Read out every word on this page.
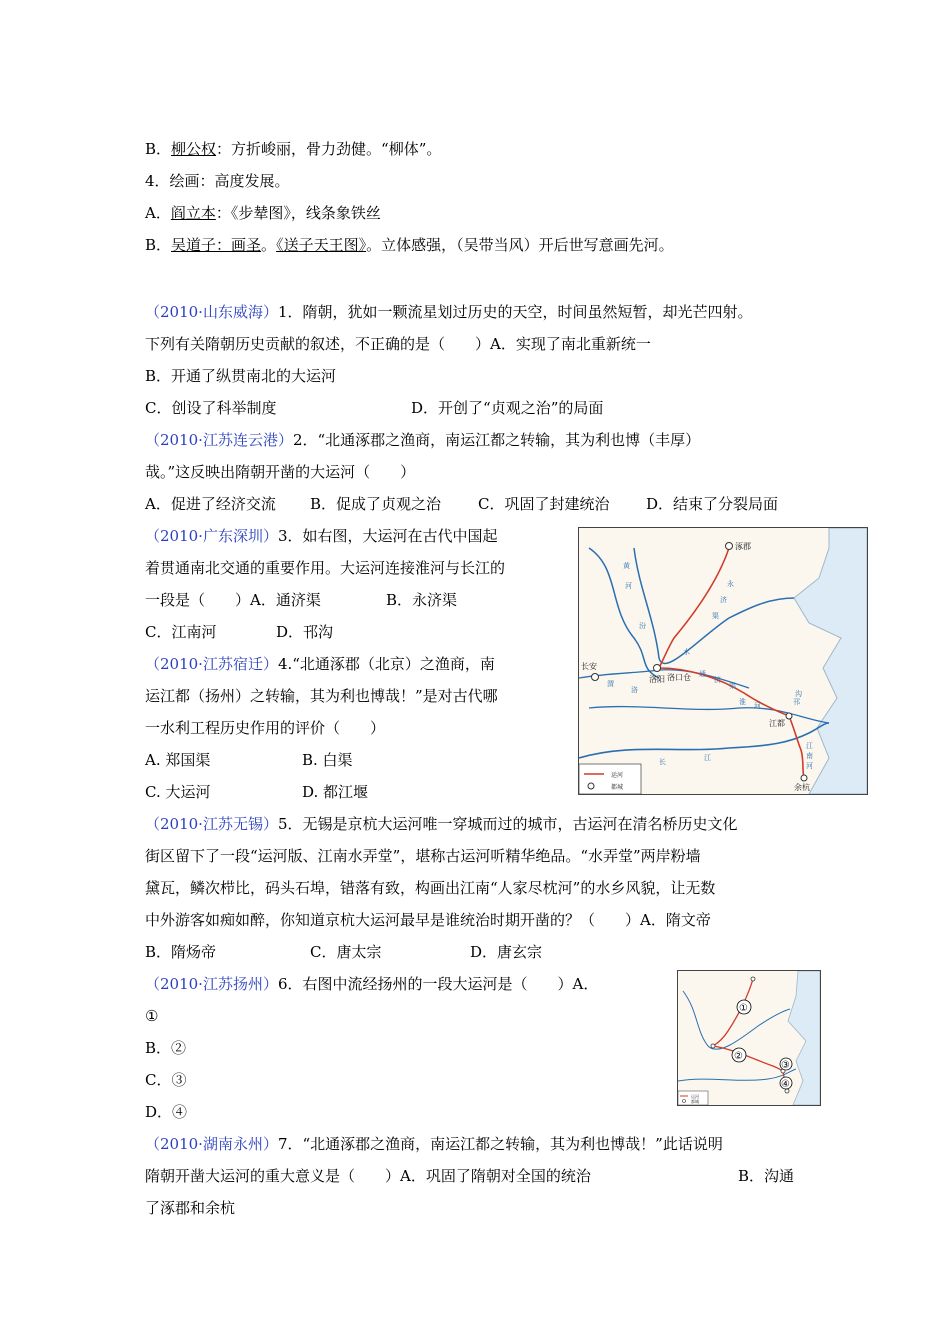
B．柳公权：方折峻丽，骨力劲健。“柳体”。
4．绘画：高度发展。
A．阎立本：《步辇图》，线条象铁丝
B．吴道子：画圣。《送子天王图》。立体感强，（吴带当风）开后世写意画先河。
（2010·山东威海）1．隋朝，犹如一颗流星划过历史的天空，时间虽然短暂，却光芒四射。
下列有关隋朝历史贡献的叙述，不正确的是（　　）A．实现了南北重新统一
B．开通了纵贯南北的大运河
C．创设了科举制度	D．开创了“贞观之治”的局面
（2010·江苏连云港）2．“北通涿郡之渔商，南运江都之转输，其为利也博（丰厚）
哉。”这反映出隋朝开凿的大运河（　　）
A．促进了经济交流 B．促成了贞观之治 C．巩固了封建统治 D．结束了分裂局面
（2010·广东深圳）3．如右图，大运河在古代中国起
着贯通南北交通的重要作用。大运河连接淮河与长江的
一段是（　　）A．通济渠	B．永济渠
C．江南河	D．邗沟
（2010·江苏宿迁）4.“北通涿郡（北京）之渔商，南
运江都（扬州）之转输，其为利也博哉！”是对古代哪
一水利工程历史作用的评价（　　）
A. 郑国渠	B. 白渠
C. 大运河	D. 都江堰
涿郡
长安
洛阳 洛口仓
江都
余杭
黄
河	永
济
渠
通
济
渠
淮 河	邗
沟
长	江
江
南
河
汾
渭
水
洛
运河
都城
（2010·江苏无锡）5．无锡是京杭大运河唯一穿城而过的城市，古运河在清名桥历史文化
街区留下了一段“运河版、江南水弄堂”，堪称古运河听精华绝品。“水弄堂”两岸粉墙
黛瓦，鳞次栉比，码头石埠，错落有致，构画出江南“人家尽枕河”的水乡风貌，让无数
中外游客如痴如醉，你知道京杭大运河最早是谁统治时期开凿的？（　　）A．隋文帝
B．隋炀帝	C．唐太宗	D．唐玄宗
（2010·江苏扬州）6．右图中流经扬州的一段大运河是（　　）A．
①
B．②
C．③
D．④
①
②
③
④
运河
都城
（2010·湖南永州）7．“北通涿郡之渔商，南运江都之转输，其为利也博哉！”此话说明
隋朝开凿大运河的重大意义是（　　）A．巩固了隋朝对全国的统治	B．沟通
了涿郡和余杭
